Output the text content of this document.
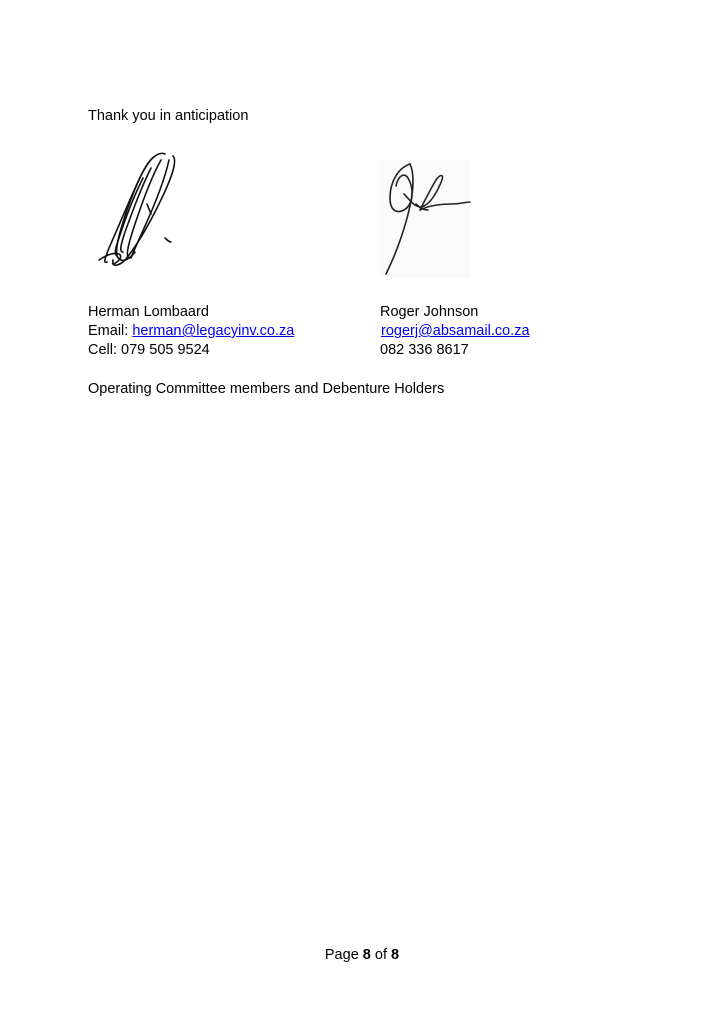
Thank you in anticipation
Herman Lombaard
Email: herman@legacyinv.co.za
Cell: 079 505 9524
Roger Johnson
rogerj@absamail.co.za
082 336 8617
Operating Committee members and Debenture Holders
Page 8 of 8
